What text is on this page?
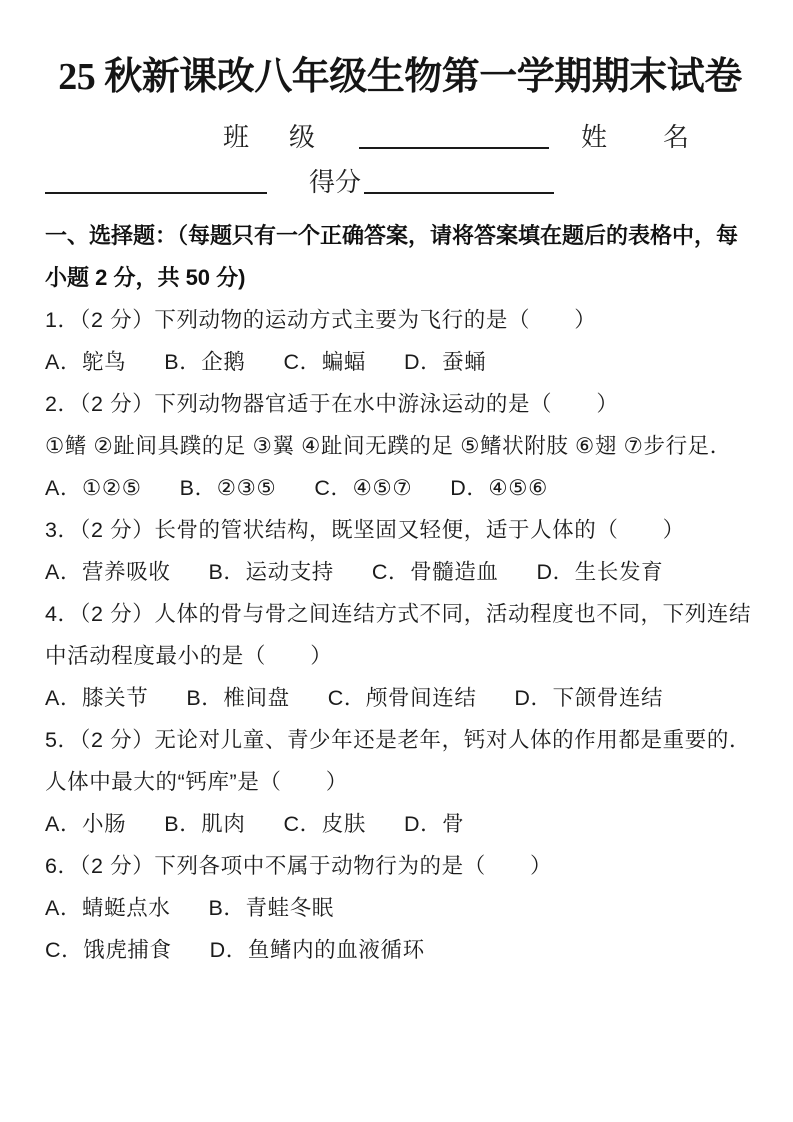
25 秋新课改八年级生物第一学期期末试卷
班 级	姓 名
得分

一、选择题：（每题只有一个正确答案，请将答案填在题后的表格中，每小题 2 分，共 50 分)

1．（2 分）下列动物的运动方式主要为飞行的是（　　）

A．鸵鸟 B．企鹅 C．蝙蝠 D．蚕蛹

2．（2 分）下列动物器官适于在水中游泳运动的是（　　）

①鳍 ②趾间具蹼的足 ③翼 ④趾间无蹼的足 ⑤鳍状附肢 ⑥翅 ⑦步行足．

A．①②⑤ B．②③⑤ C．④⑤⑦ D．④⑤⑥

3．（2 分）长骨的管状结构，既坚固又轻便，适于人体的（　　）

A．营养吸收 B．运动支持 C．骨髓造血 D．生长发育

4．（2 分）人体的骨与骨之间连结方式不同，活动程度也不同，下列连结中活动程度最小的是（　　）

A．膝关节 B．椎间盘 C．颅骨间连结 D．下颌骨连结

5．（2 分）无论对儿童、青少年还是老年，钙对人体的作用都是重要的．人体中最大的“钙库”是（　　）

A．小肠 B．肌肉 C．皮肤 D．骨

6．（2 分）下列各项中不属于动物行为的是（　　）

A．蜻蜓点水 B．青蛙冬眠

C．饿虎捕食 D．鱼鳍内的血液循环
